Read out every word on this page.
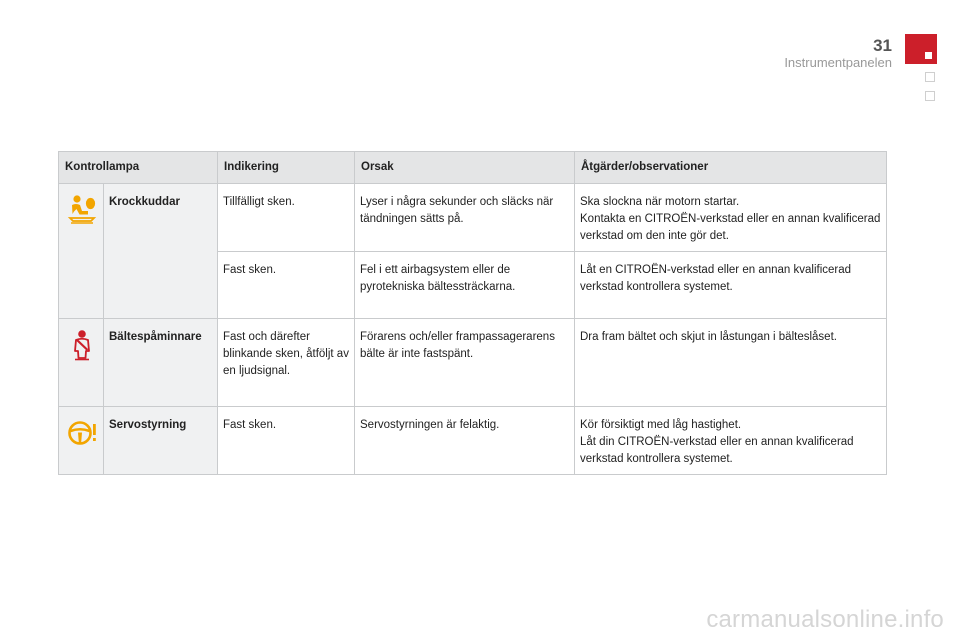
31
Instrumentpanelen
Kontrollampa		Indikering	Orsak	Åtgärder/observationer
	Krockkuddar	Tillfälligt sken.	Lyser i några sekunder och släcks när tändningen sätts på.	Ska slockna när motorn startar.
Kontakta en CITROËN-verkstad eller en annan kvalificerad verkstad om den inte gör det.

		Fast sken.	Fel i ett airbagsystem eller de pyrotekniska bältessträckarna.	Låt en CITROËN-verkstad eller en annan kvalificerad verkstad kontrollera systemet.

	Bältespåminnare	Fast och därefter blinkande sken, åtföljt av en ljudsignal.	Förarens och/eller frampassagerarens bälte är inte fastspänt.	Dra fram bältet och skjut in låstungan i bälteslåset.

	Servostyrning	Fast sken.	Servostyrningen är felaktig.	Kör försiktigt med låg hastighet.
Låt din CITROËN-verkstad eller en annan kvalificerad verkstad kontrollera systemet.
carmanualsonline.info
